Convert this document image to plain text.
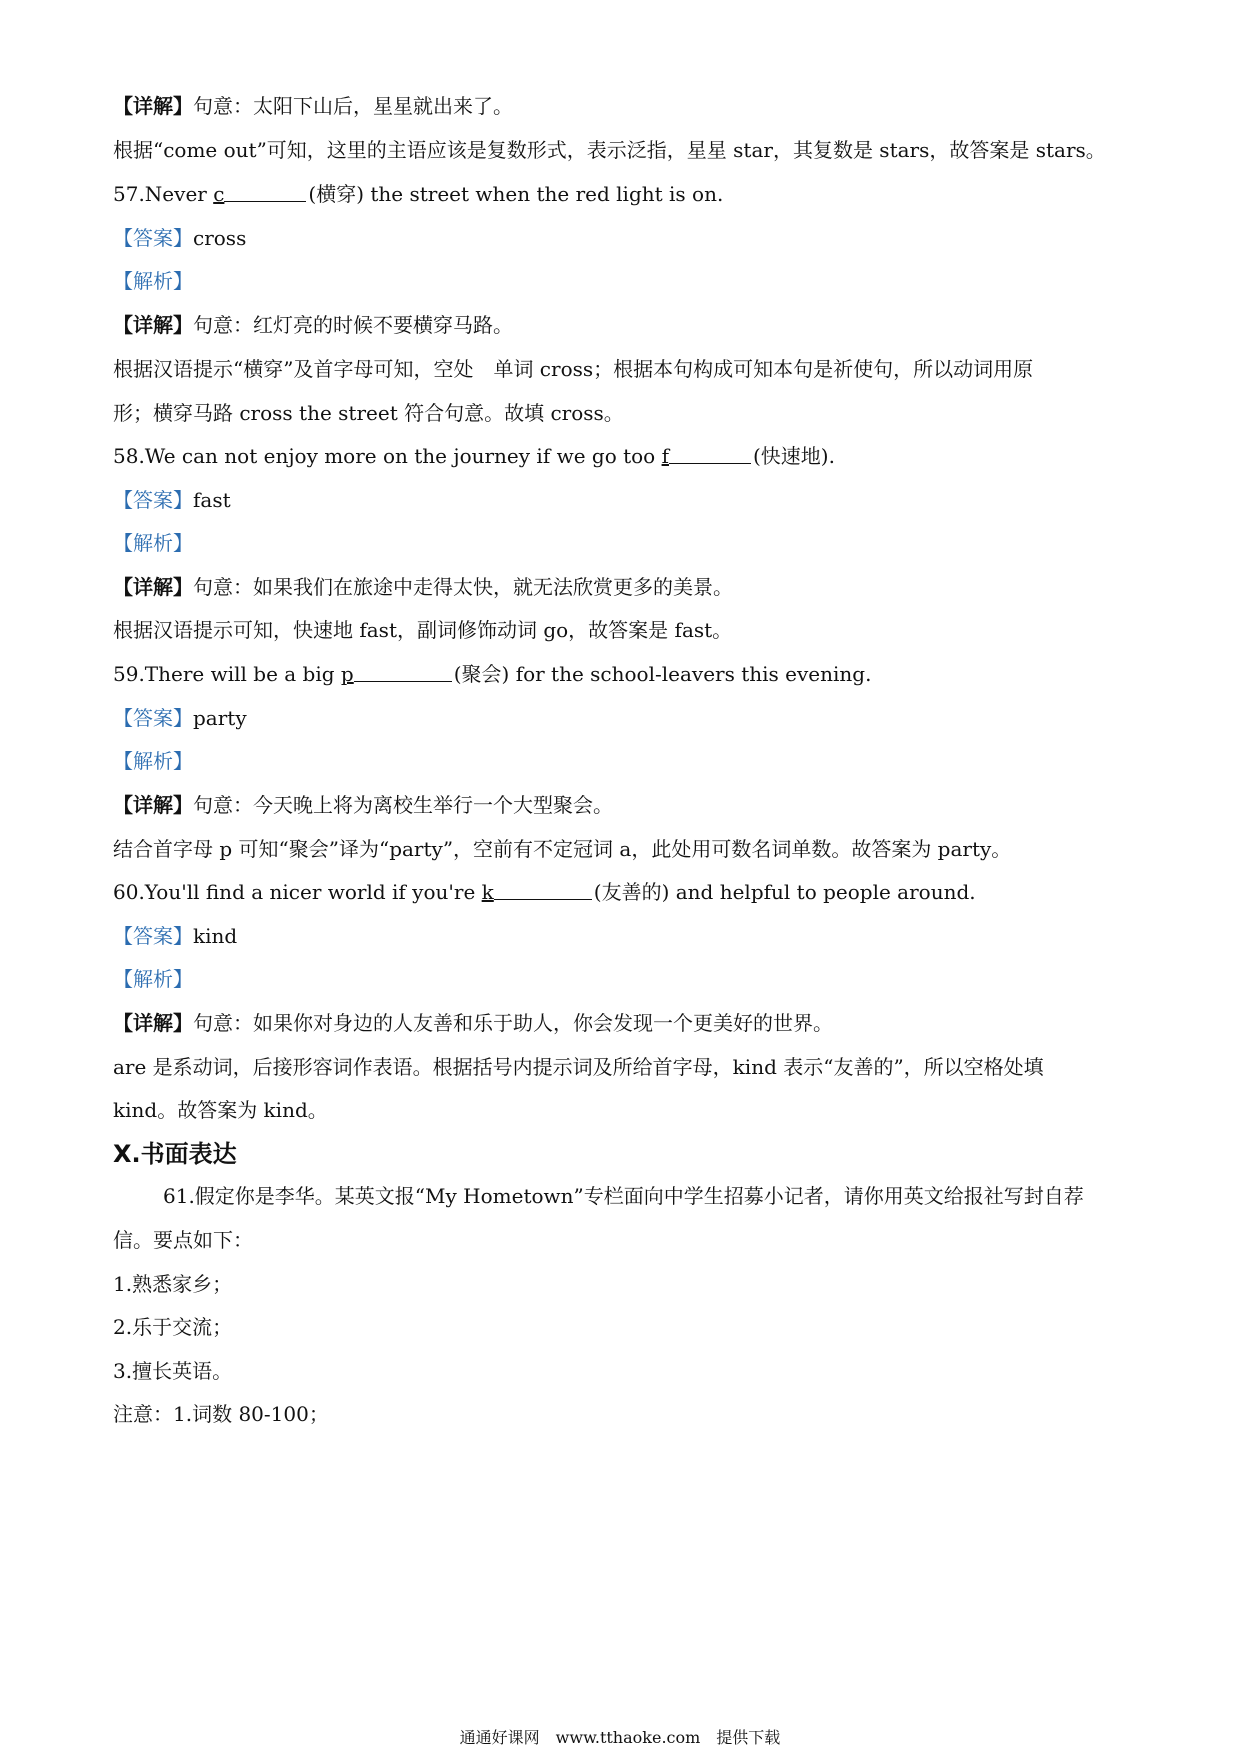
【详解】句意：太阳下山后，星星就出来了。
根据“come out”可知，这里的主语应该是复数形式，表示泛指，星星 star，其复数是 stars，故答案是 stars。
57.Never c	(横穿) the street when the red light is on.
【答案】cross
【解析】
【详解】句意：红灯亮的时候不要横穿马路。
根据汉语提示“横穿”及首字母可知，空处　单词 cross；根据本句构成可知本句是祈使句，所以动词用原
形；横穿马路 cross the street 符合句意。故填 cross。
58.We can not enjoy more on the journey if we go too f	(快速地).
【答案】fast
【解析】
【详解】句意：如果我们在旅途中走得太快，就无法欣赏更多的美景。
根据汉语提示可知，快速地 fast，副词修饰动词 go，故答案是 fast。
59.There will be a big p	(聚会) for the school-leavers this evening.
【答案】party
【解析】
【详解】句意：今天晚上将为离校生举行一个大型聚会。
结合首字母 p 可知“聚会”译为“party”，空前有不定冠词 a，此处用可数名词单数。故答案为 party。
60.You'll find a nicer world if you're k	(友善的) and helpful to people around.
【答案】kind
【解析】
【详解】句意：如果你对身边的人友善和乐于助人，你会发现一个更美好的世界。
are 是系动词，后接形容词作表语。根据括号内提示词及所给首字母，kind 表示“友善的”，所以空格处填
kind。故答案为 kind。
X.书面表达
61.假定你是李华。某英文报“My Hometown”专栏面向中学生招募小记者，请你用英文给报社写封自荐
信。要点如下：
1.熟悉家乡；
2.乐于交流；
3.擅长英语。
注意：1.词数 80-100；
通通好课网　www.tthaoke.com　提供下载
